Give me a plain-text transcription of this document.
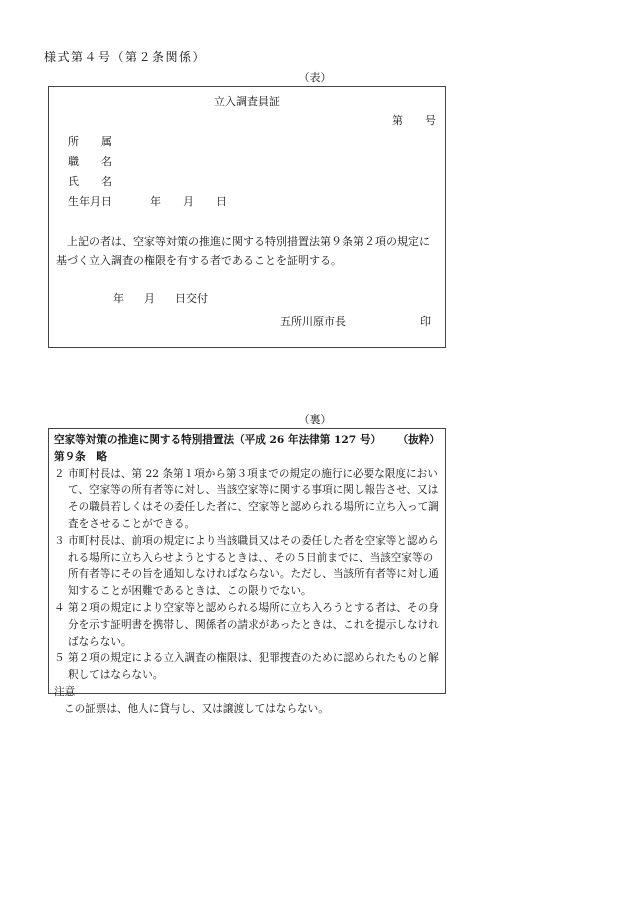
様式第４号（第２条関係）
（表）
立入調査員証
第 号
所　　属
職　　名
氏　　名
生年月日	年　　月　　日
上記の者は、空家等対策の推進に関する特別措置法第９条第２項の規定に基づく立入調査の権限を有する者であることを証明する。
年 月 日交付
五所川原市長	印
（裏）
空家等対策の推進に関する特別措置法（平成 26 年法律第 127 号） （抜粋）
第９条　略
２ 市町村長は、第 22 条第１項から第３項までの規定の施行に必要な限度において、空家等の所有者等に対し、当該空家等に関する事項に関し報告させ、又はその職員若しくはその委任した者に、空家等と認められる場所に立ち入って調査をさせることができる。
３ 市町村長は、前項の規定により当該職員又はその委任した者を空家等と認められる場所に立ち入らせようとするときは、、その５日前までに、当該空家等の所有者等にその旨を通知しなければならない。ただし、当該所有者等に対し通知することが困難であるときは、この限りでない。
４ 第２項の規定により空家等と認められる場所に立ち入ろうとする者は、その身分を示す証明書を携帯し、関係者の請求があったときは、これを提示しなければならない。
５ 第２項の規定による立入調査の権限は、犯罪捜査のために認められたものと解釈してはならない。
注意
この証票は、他人に貸与し、又は譲渡してはならない。
